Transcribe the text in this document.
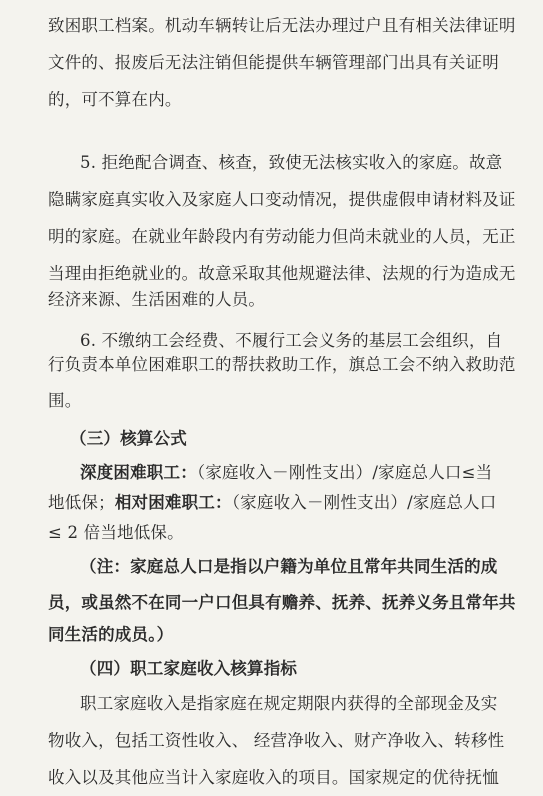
致困职工档案。机动车辆转让后无法办理过户且有相关法律证明
文件的、报废后无法注销但能提供车辆管理部门出具有关证明
的，可不算在内。
5. 拒绝配合调查、核查，致使无法核实收入的家庭。故意
隐瞒家庭真实收入及家庭人口变动情况，提供虚假申请材料及证
明的家庭。在就业年龄段内有劳动能力但尚未就业的人员，无正
当理由拒绝就业的。故意采取其他规避法律、法规的行为造成无
经济来源、生活困难的人员。
6. 不缴纳工会经费、不履行工会义务的基层工会组织，自
行负责本单位困难职工的帮扶救助工作，旗总工会不纳入救助范
围。
（三）核算公式
深度困难职工：（家庭收入－刚性支出）/家庭总人口≤当
地低保；相对困难职工：（家庭收入－刚性支出）/家庭总人口
≤ 2 倍当地低保。
（注：家庭总人口是指以户籍为单位且常年共同生活的成
员，或虽然不在同一户口但具有赡养、抚养、抚养义务且常年共
同生活的成员。）
（四）职工家庭收入核算指标
职工家庭收入是指家庭在规定期限内获得的全部现金及实
物收入，包括工资性收入、 经营净收入、财产净收入、转移性
收入以及其他应当计入家庭收入的项目。国家规定的优待抚恤
